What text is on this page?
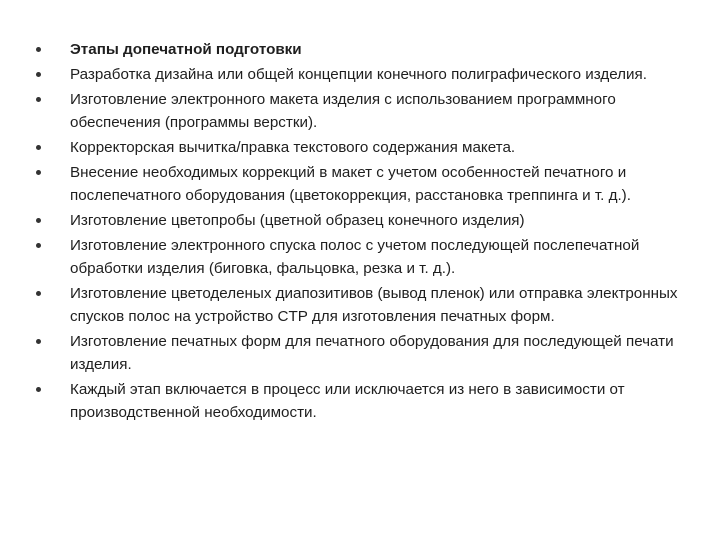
Этапы допечатной подготовки
Разработка дизайна или общей концепции конечного полиграфического изделия.
Изготовление электронного макета изделия с использованием программного обеспечения (программы верстки).
Корректорская вычитка/правка текстового содержания макета.
Внесение необходимых коррекций в макет с учетом особенностей печатного и послепечатного оборудования (цветокоррекция, расстановка треппинга и т. д.).
Изготовление цветопробы (цветной образец конечного изделия)
Изготовление электронного спуска полос с учетом последующей послепечатной обработки изделия (биговка, фальцовка, резка и т. д.).
Изготовление цветоделеных диапозитивов (вывод пленок) или отправка электронных спусков полос на устройство CTP для изготовления печатных форм.
Изготовление печатных форм для печатного оборудования для последующей печати изделия.
Каждый этап включается в процесс или исключается из него в зависимости от производственной необходимости.
